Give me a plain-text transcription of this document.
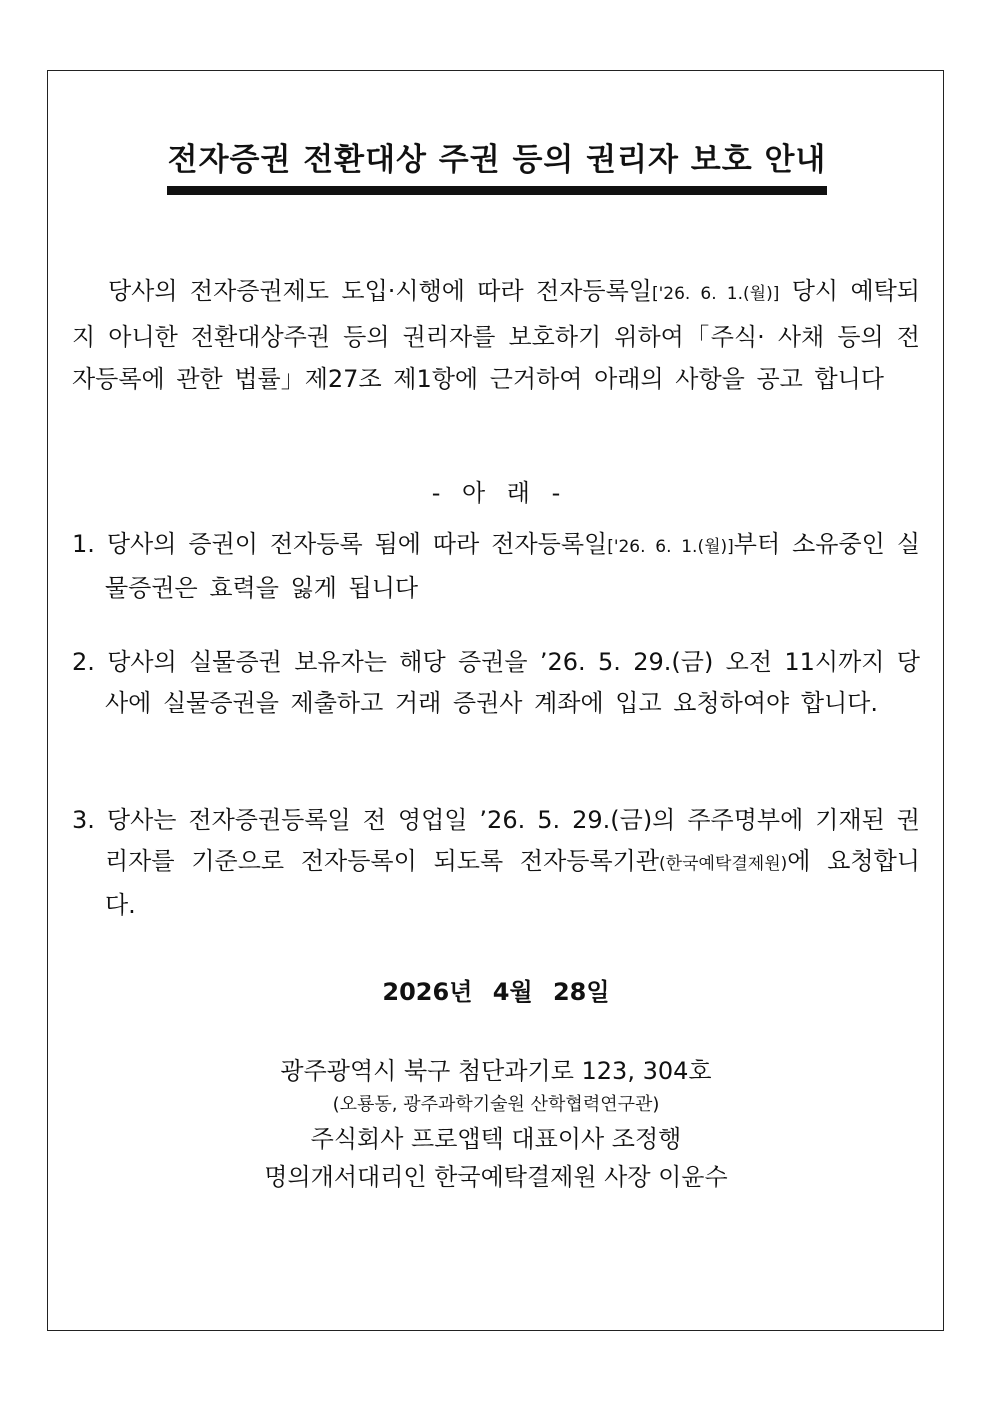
전자증권 전환대상 주권 등의 권리자 보호 안내
당사의 전자증권제도 도입·시행에 따라 전자등록일['26. 6. 1.(월)] 당시 예탁되지 아니한 전환대상주권 등의 권리자를 보호하기 위하여「주식· 사채 등의 전자등록에 관한 법률」제27조 제1항에 근거하여 아래의 사항을 공고 합니다
- 아 래 -
1. 당사의 증권이 전자등록 됨에 따라 전자등록일['26. 6. 1.(월)]부터 소유중인 실물증권은 효력을 잃게 됩니다
2. 당사의 실물증권 보유자는 해당 증권을 ’26. 5. 29.(금) 오전 11시까지 당사에 실물증권을 제출하고 거래 증권사 계좌에 입고 요청하여야 합니다.
3. 당사는 전자증권등록일 전 영업일 ’26. 5. 29.(금)의 주주명부에 기재된 권리자를 기준으로 전자등록이 되도록 전자등록기관(한국예탁결제원)에 요청합니다.
2026년 4월 28일
광주광역시 북구 첨단과기로 123, 304호
(오룡동, 광주과학기술원 산학협력연구관)
주식회사 프로앱텍 대표이사 조정행
명의개서대리인 한국예탁결제원 사장 이윤수
